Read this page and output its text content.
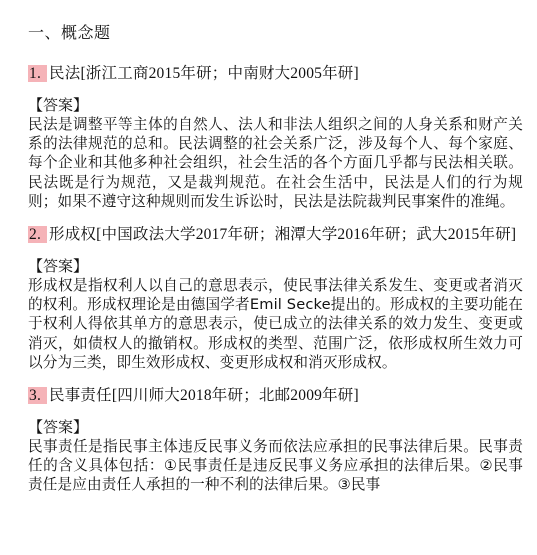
一、概念题
1. 民法[浙江工商2015年研；中南财大2005年研]
【答案】
民法是调整平等主体的自然人、法人和非法人组织之间的人身关系和财产关系的法律规范的总和。民法调整的社会关系广泛，涉及每个人、每个家庭、每个企业和其他多种社会组织，社会生活的各个方面几乎都与民法相关联。民法既是行为规范，又是裁判规范。在社会生活中，民法是人们的行为规则；如果不遵守这种规则而发生诉讼时，民法是法院裁判民事案件的准绳。
2. 形成权[中国政法大学2017年研；湘潭大学2016年研；武大2015年研]
【答案】
形成权是指权利人以自己的意思表示，使民事法律关系发生、变更或者消灭的权利。形成权理论是由德国学者Emil Secke提出的。形成权的主要功能在于权利人得依其单方的意思表示，使已成立的法律关系的效力发生、变更或消灭，如债权人的撤销权。形成权的类型、范围广泛，依形成权所生效力可以分为三类，即生效形成权、变更形成权和消灭形成权。
3. 民事责任[四川师大2018年研；北邮2009年研]
【答案】
民事责任是指民事主体违反民事义务而依法应承担的民事法律后果。民事责任的含义具体包括：①民事责任是违反民事义务应承担的法律后果。②民事责任是应由责任人承担的一种不利的法律后果。③民事
